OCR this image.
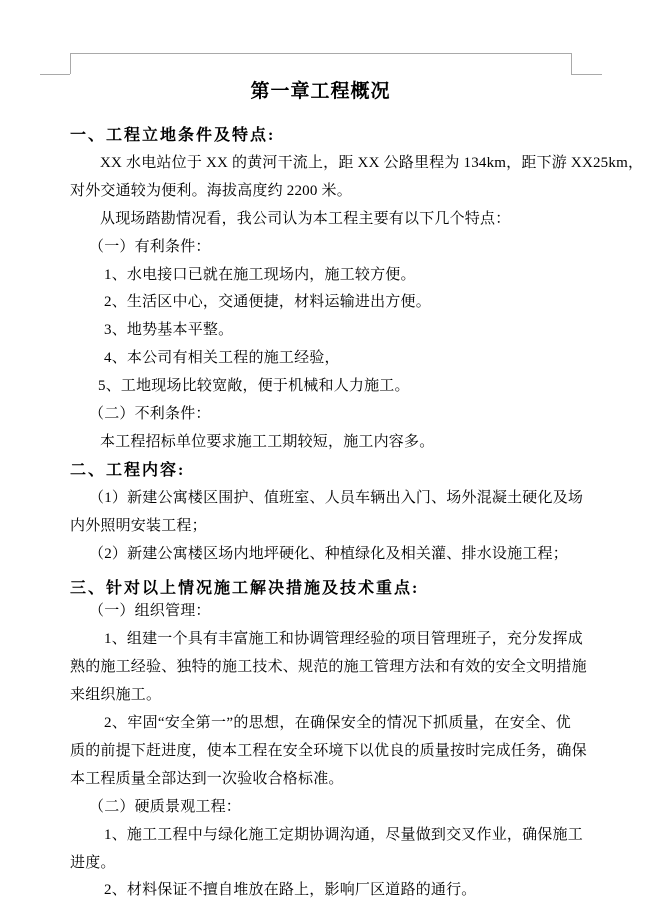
第一章工程概况
一、工程立地条件及特点:
XX 水电站位于 XX 的黄河干流上，距 XX 公路里程为 134km，距下游 XX25km，
对外交通较为便利。海拔高度约 2200 米。
从现场踏勘情况看，我公司认为本工程主要有以下几个特点：
（一）有利条件：
1、水电接口已就在施工现场内，施工较方便。
2、生活区中心，交通便捷，材料运输进出方便。
3、地势基本平整。
4、本公司有相关工程的施工经验，
5、工地现场比较宽敞，便于机械和人力施工。
（二）不利条件：
本工程招标单位要求施工工期较短，施工内容多。
二、工程内容:
（1）新建公寓楼区围护、值班室、人员车辆出入门、场外混凝土硬化及场
内外照明安装工程；
（2）新建公寓楼区场内地坪硬化、种植绿化及相关灌、排水设施工程；
三、针对以上情况施工解决措施及技术重点:
（一）组织管理：
1、组建一个具有丰富施工和协调管理经验的项目管理班子，充分发挥成
熟的施工经验、独特的施工技术、规范的施工管理方法和有效的安全文明措施
来组织施工。
2、牢固“安全第一”的思想，在确保安全的情况下抓质量，在安全、优
质的前提下赶进度，使本工程在安全环境下以优良的质量按时完成任务，确保
本工程质量全部达到一次验收合格标准。
（二）硬质景观工程：
1、施工工程中与绿化施工定期协调沟通，尽量做到交叉作业，确保施工
进度。
2、材料保证不擅自堆放在路上，影响厂区道路的通行。
